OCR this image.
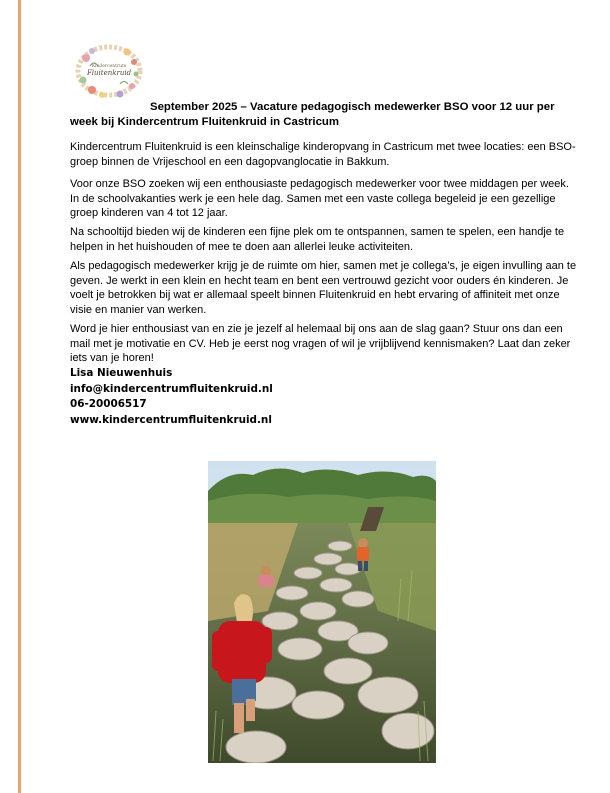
Kindercentrum
Fluitenkruid
September 2025 – Vacature pedagogisch medewerker BSO voor 12 uur per
week bij Kindercentrum Fluitenkruid in Castricum

Kindercentrum Fluitenkruid is een kleinschalige kinderopvang in Castricum met twee locaties: een BSO-groep binnen de Vrijeschool en een dagopvanglocatie in Bakkum.

Voor onze BSO zoeken wij een enthousiaste pedagogisch medewerker voor twee middagen per week. In de schoolvakanties werk je een hele dag. Samen met een vaste collega begeleid je een gezellige groep kinderen van 4 tot 12 jaar.

Na schooltijd bieden wij de kinderen een fijne plek om te ontspannen, samen te spelen, een handje te helpen in het huishouden of mee te doen aan allerlei leuke activiteiten.

Als pedagogisch medewerker krijg je de ruimte om hier, samen met je collega’s, je eigen invulling aan te geven. Je werkt in een klein en hecht team en bent een vertrouwd gezicht voor ouders én kinderen. Je voelt je betrokken bij wat er allemaal speelt binnen Fluitenkruid en hebt ervaring of affiniteit met onze visie en manier van werken.

Word je hier enthousiast van en zie je jezelf al helemaal bij ons aan de slag gaan? Stuur ons dan een mail met je motivatie en CV. Heb je eerst nog vragen of wil je vrijblijvend kennismaken? Laat dan zeker iets van je horen!

Lisa Nieuwenhuis
info@kindercentrumfluitenkruid.nl
06-20006517
www.kindercentrumfluitenkruid.nl
